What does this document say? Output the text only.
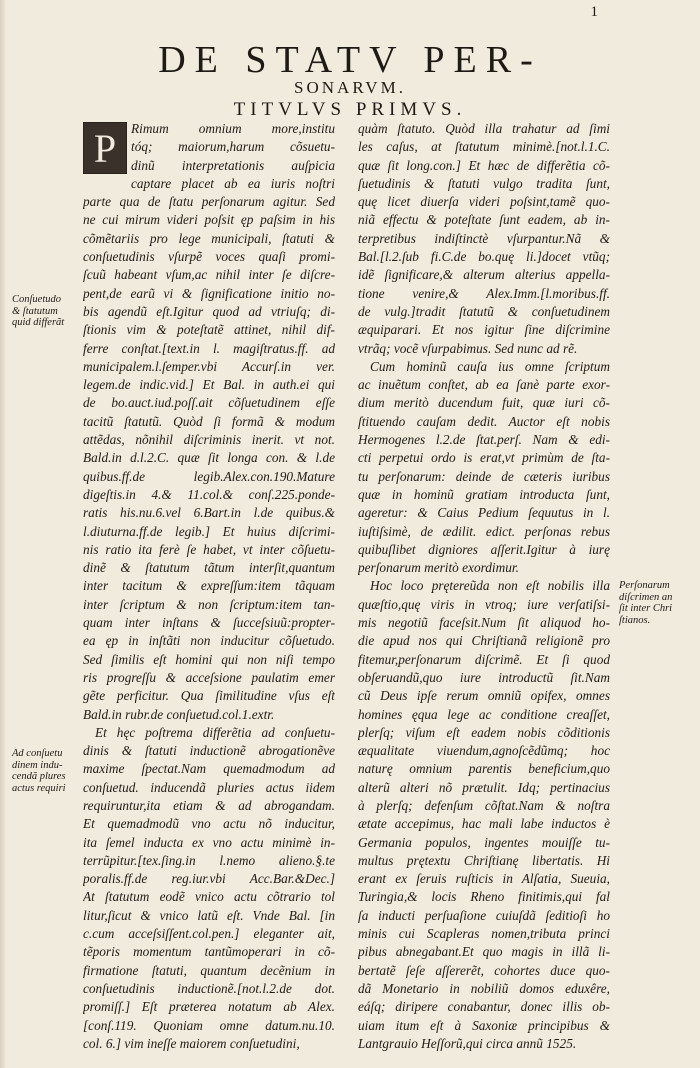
1
DE STATV PER-
SONARVM.
TITVLVS PRIMVS.
P	Rimum omnium more,institu
tóq; maiorum,harum cõsuetu-
dinũ interpretationis auſpicia
captare placet ab ea iuris noſtri

parte qua de ſtatu perſonarum agitur. Sed
ne cui mirum videri poſsit ęp paſsim in his
cõmẽtariis pro lege municipali, ſtatuti &
conſuetudinis vſurpẽ voces quaſi promi-
ſcuũ habeant vſum,ac nihil inter ſe diſcre-
pent,de earũ vi & ſignificatione initio no-
bis agendũ eſt.Igitur quod ad vtriuſq; di-
ſtionis vim & poteſtatẽ attinet, nihil dif-
ferre conſtat.[text.in l. magiſtratus.ff. ad
municipalem.l.ſemper.vbi Accurſ.in ver.
legem.de indic.vid.] Et Bal. in auth.ei qui
de bo.auct.iud.poſſ.ait cõſuetudinem eſſe
tacitũ ſtatutũ. Quòd ſi formã & modum
attẽdas, nõnihil diſcriminis inerit. vt not.
Bald.in d.l.2.C. quæ ſit longa con. & l.de
quibus.ff.de legib.Alex.con.190.Mature
digeſtis.in 4.& 11.col.& conſ.225.ponde-
ratis his.nu.6.vel 6.Bart.in l.de quibus.&
l.diuturna.ff.de legib.] Et huius diſcrimi-
nis ratio ita ferè ſe habet, vt inter cõſuetu-
dinẽ & ſtatutum tãtum interſit,quantum
inter tacitum & expreſſum:item tãquam
inter ſcriptum & non ſcriptum:item tan-
quam inter inſtans & ſucceſsiuũ:propter-
ea ęp in inſtãti non inducitur cõſuetudo.
Sed ſimilis eſt homini qui non niſi tempo
ris progreſſu & acceſsione paulatim emer
gẽte perficitur. Qua ſimilitudine vſus eſt
Bald.in rubr.de conſuetud.col.1.extr.

Et hęc poſtrema differẽtia ad conſuetu-
dinis & ſtatuti inductionẽ abrogationẽve
maxime ſpectat.Nam quemadmodum ad
conſuetud. inducendã pluries actus iidem
requiruntur,ita etiam & ad abrogandam.
Et quemadmodũ vno actu nõ inducitur,
ita ſemel inducta ex vno actu minimè in-
terrũpitur.[tex.ſing.in l.nemo alieno.§.te
poralis.ff.de reg.iur.vbi Acc.Bar.&Dec.]
At ſtatutum eodẽ vnico actu cõtrario tol
litur,ſicut & vnico latũ eſt. Vnde Bal. [in
c.cum acceſsiſſent.col.pen.] eleganter ait,
tẽporis momentum tantũmoperari in cõ-
firmatione ſtatuti, quantum decẽnium in
conſuetudinis inductionẽ.[not.l.2.de dot.
promiſſ.] Eſt præterea notatum ab Alex.
[conſ.119. Quoniam omne datum.nu.10.
col. 6.] vim ineſſe maiorem conſuetudini,

quàm ſtatuto. Quòd illa trahatur ad ſimi
les caſus, at ſtatutum minimè.[not.l.1.C.
quæ ſit long.con.] Et hæc de differẽtia cõ-
ſuetudinis & ſtatuti vulgo tradita ſunt,
quę licet diuerſa videri poſsint,tamẽ quo-
niã effectu & poteſtate ſunt eadem, ab in-
terpretibus indiſtinctè vſurpantur.Nã &
Bal.[l.2.ſub fi.C.de bo.quę li.]docet vtũq;
idẽ ſignificare,& alterum alterius appella-
tione venire,& Alex.Imm.[l.moribus.ff.
de vulg.]tradit ſtatutũ & conſuetudinem
æquiparari. Et nos igitur ſine diſcrimine
vtrãq; vocẽ vſurpabimus. Sed nunc ad rẽ.

Cum hominũ cauſa ius omne ſcriptum
ac inuẽtum conſtet, ab ea ſanè parte exor-
dium meritò ducendum fuit, quæ iuri cõ-
ſtituendo cauſam dedit. Auctor eſt nobis
Hermogenes l.2.de ſtat.perſ. Nam & edi-
cti perpetui ordo is erat,vt primùm de ſta-
tu perſonarum: deinde de cæteris iuribus
quæ in hominũ gratiam introducta ſunt,
ageretur: & Caius Pedium ſequutus in l.
iuſtiſsimè, de ædilit. edict. perſonas rebus
quibuſlibet digniores aſſerit.Igitur à iurę
perſonarum meritò exordimur.

Hoc loco prętereũda non eſt nobilis illa
quæſtio,quę viris in vtroq; iure verſatiſsi-
mis negotiũ faceſsit.Num ſit aliquod ho-
die apud nos qui Chriſtianã religionẽ pro
fitemur,perſonarum diſcrimẽ. Et ſi quod
obſeruandũ,quo iure introductũ ſit.Nam
cũ Deus ipſe rerum omniũ opifex, omnes
homines ęqua lege ac conditione creaſſet,
plerſq; viſum eſt eadem nobis cõditionis
æqualitate viuendum,agnoſcẽdũmq; hoc
naturę omnium parentis beneficium,quo
alterũ alteri nõ prætulit. Idq; pertinacius
à plerſq; defenſum cõſtat.Nam & noſtra
ætate accepimus, hac mali labe inductos è
Germania populos, ingentes mouiſſe tu-
multus prętextu Chriſtianę libertatis. Hi
erant ex ſeruis ruſticis in Alſatia, Sueuia,
Turingia,& locis Rheno finitimis,qui fal
ſa inducti perſuaſione cuiuſdã ſeditioſi ho
minis cui Scapleras nomen,tributa princi
pibus abnegabant.Et quo magis in illã li-
bertatẽ ſeſe aſſererẽt, cohortes duce quo-
dã Monetario in nobiliũ domos eduxêre,
eáſq; diripere conabantur, donec illis ob-
uiam itum eſt à Saxoniæ principibus &
Lantgrauio Heſſorũ,qui circa annũ 1525.

Conſuetudo
& ſtatutum
quid differãt
Ad conſuetu
dinem indu-
cendã plures
actus requiri
Perſonarum
diſcrimen an
ſit inter Chri
ſtianos.
